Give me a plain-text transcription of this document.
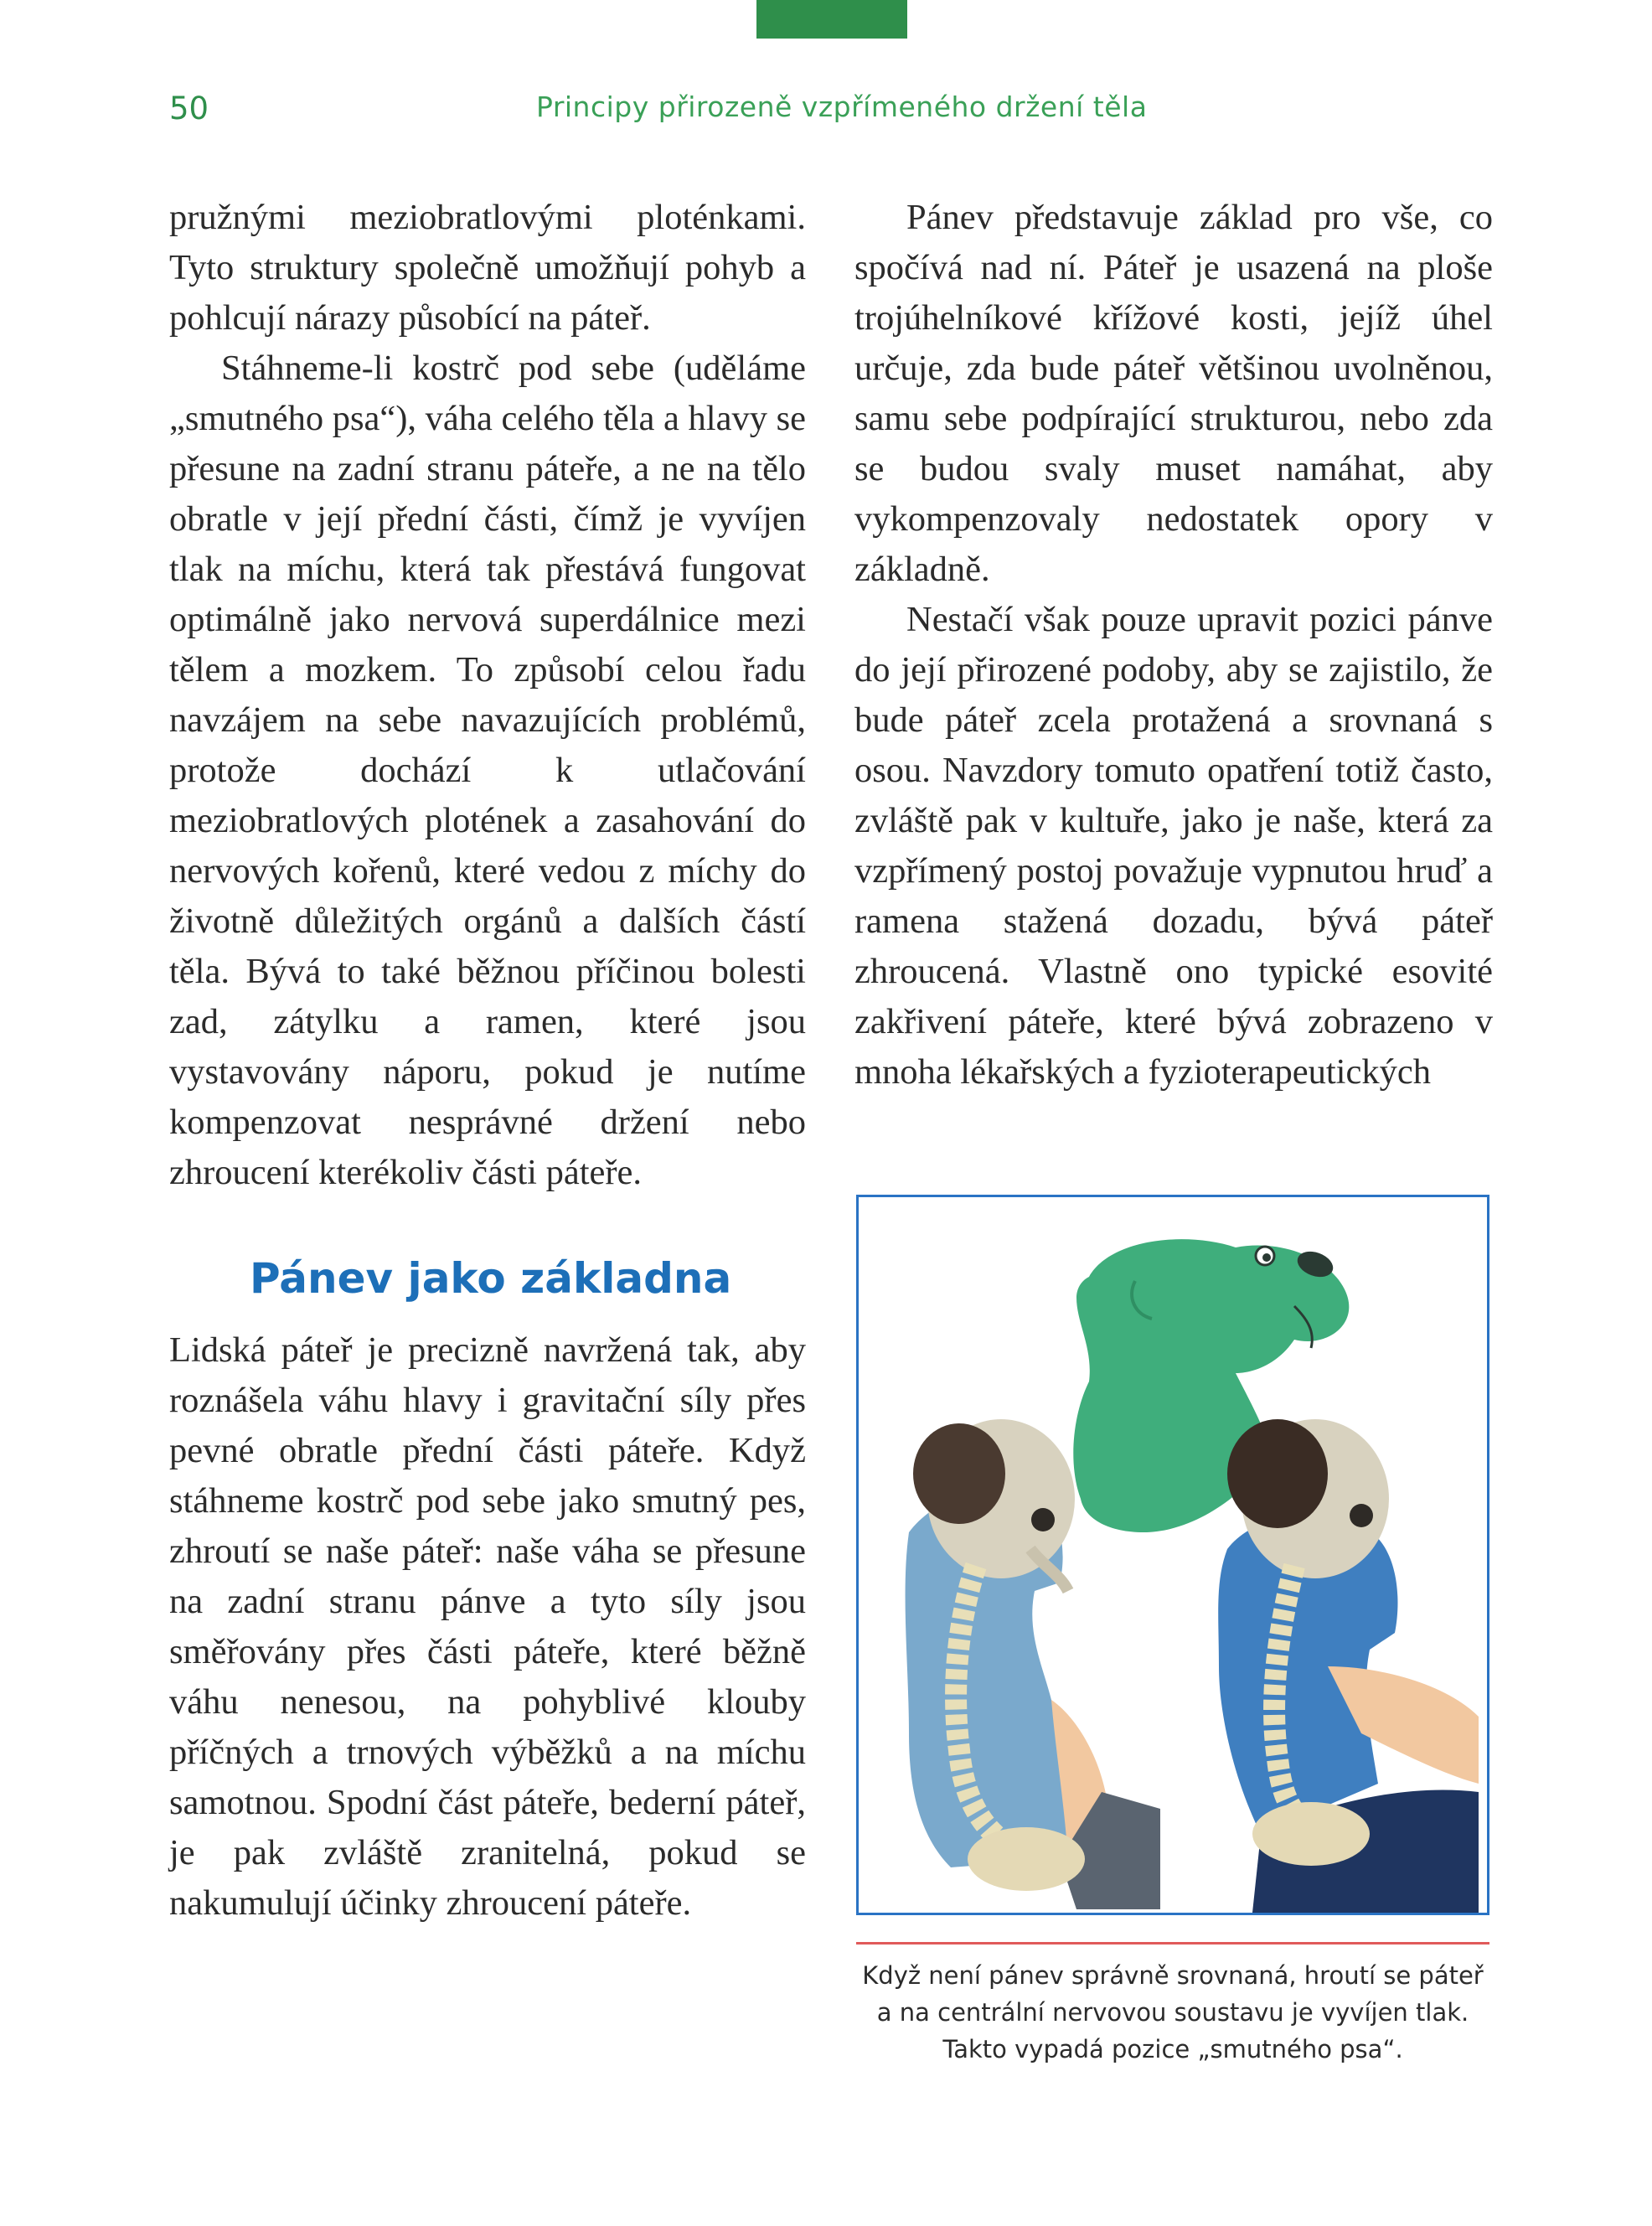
50	Principy přirozeně vzpřímeného držení těla

pružnými meziobratlovými ploténkami. Tyto struktury společně umožňují pohyb a pohlcují nárazy působící na páteř.

Stáhneme-li kostrč pod sebe (uděláme „smutného psa“), váha celého těla a hlavy se přesune na zadní stranu páteře, a ne na tělo obratle v její přední části, čímž je vyvíjen tlak na míchu, která tak přestává fungovat optimálně jako nervová superdálnice mezi tělem a mozkem. To způsobí celou řadu navzájem na sebe navazujících problémů, protože dochází k utlačování meziobratlových plotének a zasahování do nervových kořenů, které vedou z míchy do životně důležitých orgánů a dalších částí těla. Bývá to také běžnou příčinou bolesti zad, zátylku a ramen, které jsou vystavovány náporu, pokud je nutíme kompenzovat nesprávné držení nebo zhroucení kterékoliv části páteře.

Pánev jako základna

Lidská páteř je precizně navržená tak, aby roznášela váhu hlavy i gravitační síly přes pevné obratle přední části páteře. Když stáhneme kostrč pod sebe jako smutný pes, zhroutí se naše páteř: naše váha se přesune na zadní stranu pánve a tyto síly jsou směřovány přes části páteře, které běžně váhu nenesou, na pohyblivé klouby příčných a trnových výběžků a na míchu samotnou. Spodní část páteře, bederní páteř, je pak zvláště zranitelná, pokud se nakumulují účinky zhroucení páteře.

Pánev představuje základ pro vše, co spočívá nad ní. Páteř je usazená na ploše trojúhelníkové křížové kosti, jejíž úhel určuje, zda bude páteř většinou uvolněnou, samu sebe podpírající strukturou, nebo zda se budou svaly muset namáhat, aby vykompenzovaly nedostatek opory v základně.

Nestačí však pouze upravit pozici pánve do její přirozené podoby, aby se zajistilo, že bude páteř zcela protažená a srovnaná s osou. Navzdory tomuto opatření totiž často, zvláště pak v kultuře, jako je naše, která za vzpřímený postoj považuje vypnutou hruď a ramena stažená dozadu, bývá páteř zhroucená. Vlastně ono typické esovité zakřivení páteře, které bývá zobrazeno v mnoha lékařských a fyzioterapeutických

Když není pánev správně srovnaná, hroutí se páteř a na centrální nervovou soustavu je vyvíjen tlak. Takto vypadá pozice „smutného psa“.
